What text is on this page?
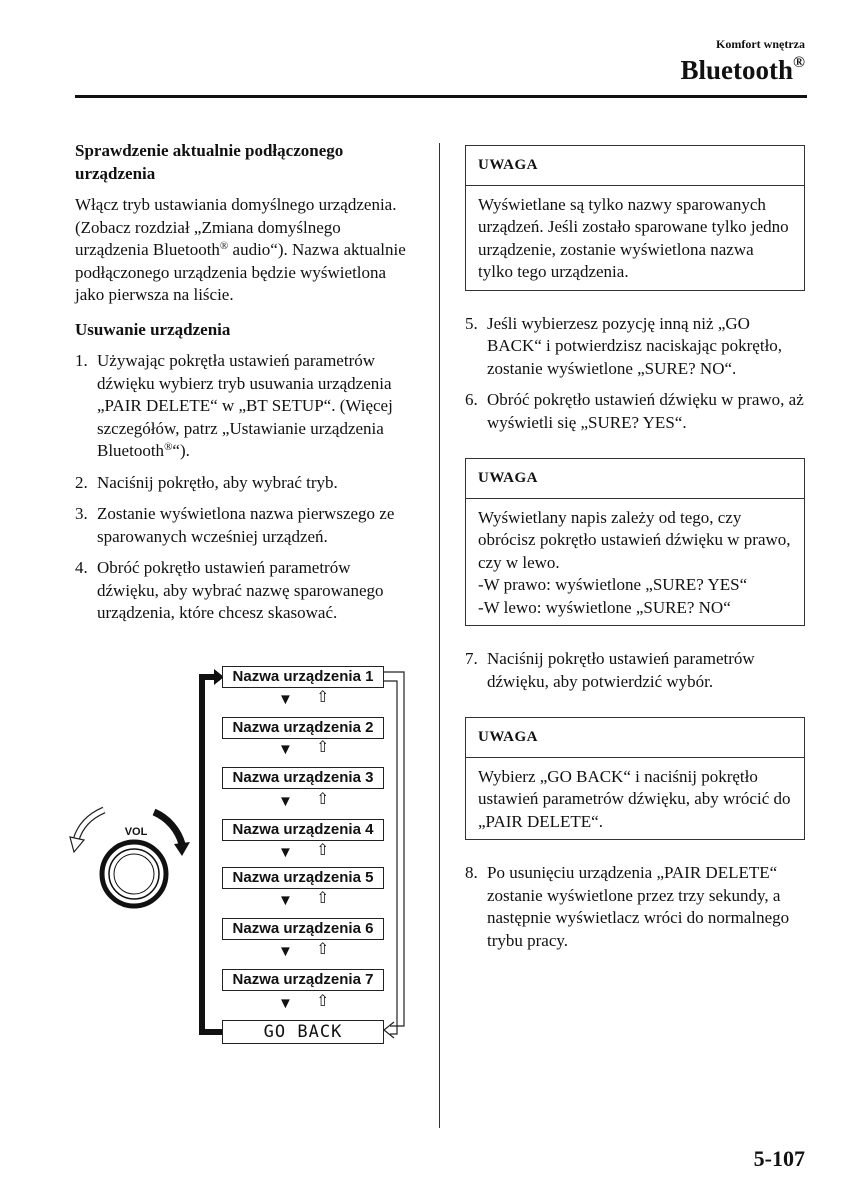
Komfort wnętrza
Bluetooth®
Sprawdzenie aktualnie podłączonego urządzenia

Włącz tryb ustawiania domyślnego urządzenia. (Zobacz rozdział „Zmiana domyślnego urządzenia Bluetooth® audio“). Nazwa aktualnie podłączonego urządzenia będzie wyświetlona jako pierwsza na liście.

Usuwanie urządzenia
1. Używając pokrętła ustawień parametrów dźwięku wybierz tryb usuwania urządzenia „PAIR DELETE“ w „BT SETUP“. (Więcej szczegółów, patrz „Ustawianie urządzenia Bluetooth®“).
2. Naciśnij pokrętło, aby wybrać tryb.
3. Zostanie wyświetlona nazwa pierwszego ze sparowanych wcześniej urządzeń.
4. Obróć pokrętło ustawień parametrów dźwięku, aby wybrać nazwę sparowanego urządzenia, które chcesz skasować.
Nazwa urządzenia 1
▼ ⇧
Nazwa urządzenia 2
▼ ⇧
Nazwa urządzenia 3
▼ ⇧
Nazwa urządzenia 4
▼ ⇧
Nazwa urządzenia 5
▼ ⇧
Nazwa urządzenia 6
▼ ⇧
Nazwa urządzenia 7
▼ ⇧
GO BACK
VOL
UWAGA
Wyświetlane są tylko nazwy sparowanych urządzeń. Jeśli zostało sparowane tylko jedno urządzenie, zostanie wyświetlona nazwa tylko tego urządzenia.
5. Jeśli wybierzesz pozycję inną niż „GO BACK“ i potwierdzisz naciskając pokrętło, zostanie wyświetlone „SURE? NO“.
6. Obróć pokrętło ustawień dźwięku w prawo, aż wyświetli się „SURE? YES“.
UWAGA
Wyświetlany napis zależy od tego, czy obrócisz pokrętło ustawień dźwięku w prawo, czy w lewo.
-W prawo: wyświetlone „SURE? YES“
-W lewo: wyświetlone „SURE? NO“
7. Naciśnij pokrętło ustawień parametrów dźwięku, aby potwierdzić wybór.
UWAGA
Wybierz „GO BACK“ i naciśnij pokrętło ustawień parametrów dźwięku, aby wrócić do „PAIR DELETE“.
8. Po usunięciu urządzenia „PAIR DELETE“ zostanie wyświetlone przez trzy sekundy, a następnie wyświetlacz wróci do normalnego trybu pracy.
5-107
